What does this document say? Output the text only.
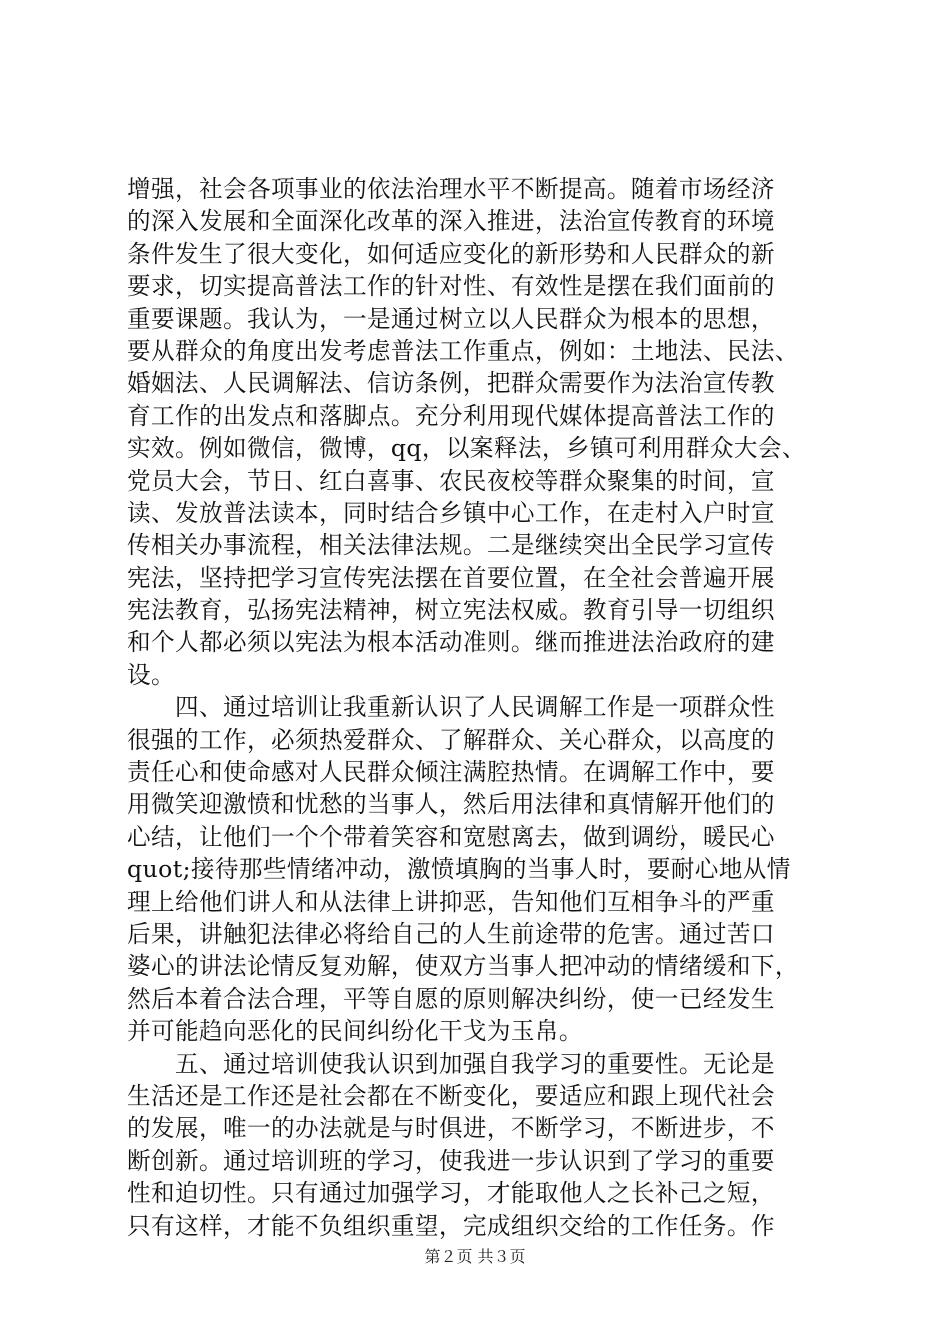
增强，社会各项事业的依法治理水平不断提高。随着市场经济
的深入发展和全面深化改革的深入推进，法治宣传教育的环境
条件发生了很大变化，如何适应变化的新形势和人民群众的新
要求，切实提高普法工作的针对性、有效性是摆在我们面前的
重要课题。我认为，一是通过树立以人民群众为根本的思想，
要从群众的角度出发考虑普法工作重点，例如：土地法、民法、
婚姻法、人民调解法、信访条例，把群众需要作为法治宣传教
育工作的出发点和落脚点。充分利用现代媒体提高普法工作的
实效。例如微信，微博，qq，以案释法，乡镇可利用群众大会、
党员大会，节日、红白喜事、农民夜校等群众聚集的时间，宣
读、发放普法读本，同时结合乡镇中心工作，在走村入户时宣
传相关办事流程，相关法律法规。二是继续突出全民学习宣传
宪法，坚持把学习宣传宪法摆在首要位置，在全社会普遍开展
宪法教育，弘扬宪法精神，树立宪法权威。教育引导一切组织
和个人都必须以宪法为根本活动准则。继而推进法治政府的建
设。
　　四、通过培训让我重新认识了人民调解工作是一项群众性
很强的工作，必须热爱群众、了解群众、关心群众，以高度的
责任心和使命感对人民群众倾注满腔热情。在调解工作中，要
用微笑迎激愤和忧愁的当事人，然后用法律和真情解开他们的
心结，让他们一个个带着笑容和宽慰离去，做到调纷，暖民心
quot;接待那些情绪冲动，激愤填胸的当事人时，要耐心地从情
理上给他们讲人和从法律上讲抑恶，告知他们互相争斗的严重
后果，讲触犯法律必将给自己的人生前途带的危害。通过苦口
婆心的讲法论情反复劝解，使双方当事人把冲动的情绪缓和下，
然后本着合法合理，平等自愿的原则解决纠纷，使一已经发生
并可能趋向恶化的民间纠纷化干戈为玉帛。
　　五、通过培训使我认识到加强自我学习的重要性。无论是
生活还是工作还是社会都在不断变化，要适应和跟上现代社会
的发展，唯一的办法就是与时俱进，不断学习，不断进步，不
断创新。通过培训班的学习，使我进一步认识到了学习的重要
性和迫切性。只有通过加强学习，才能取他人之长补己之短，
只有这样，才能不负组织重望，完成组织交给的工作任务。作
第２页 共３页
